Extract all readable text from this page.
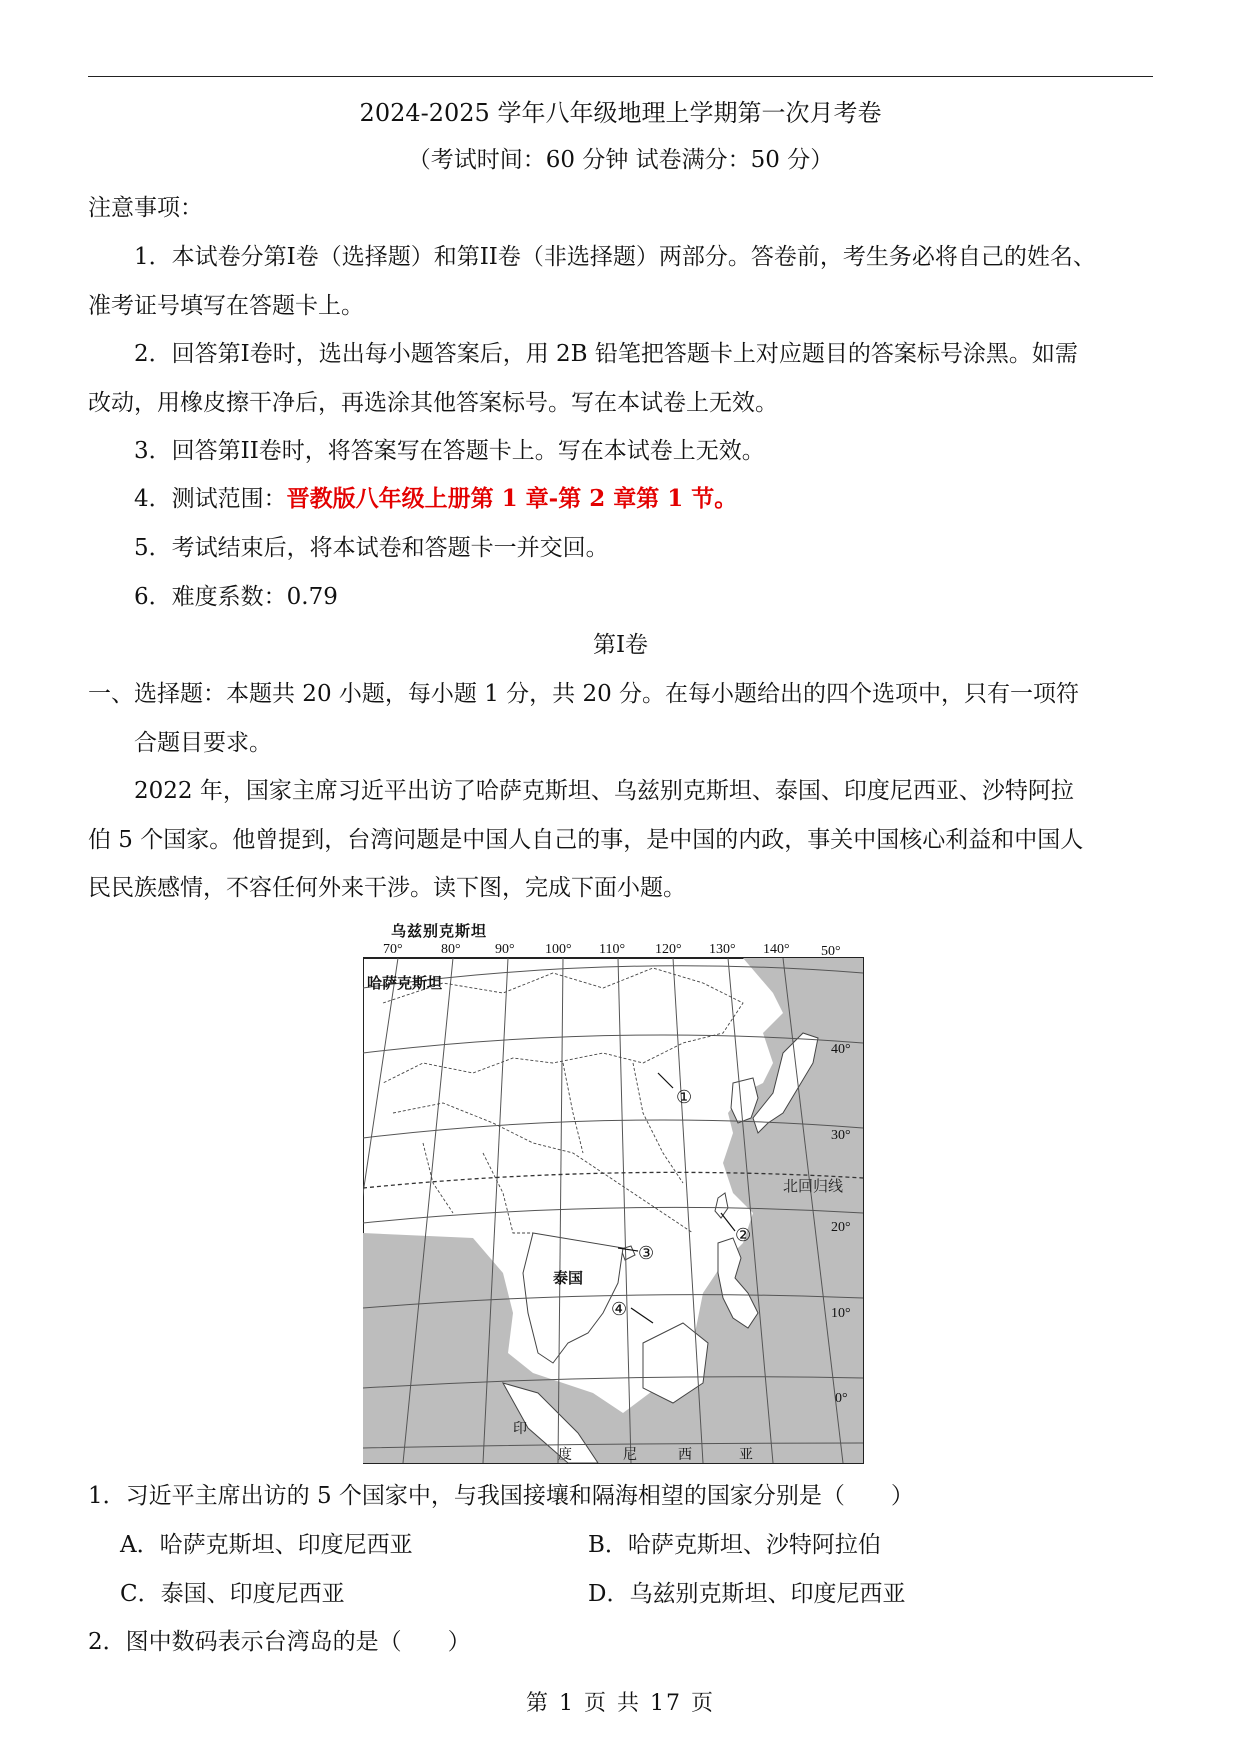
2024-2025 学年八年级地理上学期第一次月考卷
（考试时间：60 分钟 试卷满分：50 分）
注意事项：
1．本试卷分第I卷（选择题）和第II卷（非选择题）两部分。答卷前，考生务必将自己的姓名、
准考证号填写在答题卡上。
2．回答第I卷时，选出每小题答案后，用 2B 铅笔把答题卡上对应题目的答案标号涂黑。如需
改动，用橡皮擦干净后，再选涂其他答案标号。写在本试卷上无效。
3．回答第II卷时，将答案写在答题卡上。写在本试卷上无效。
4．测试范围：晋教版八年级上册第 1 章-第 2 章第 1 节。
5．考试结束后，将本试卷和答题卡一并交回。
6．难度系数：0.79
第I卷
一、选择题：本题共 20 小题，每小题 1 分，共 20 分。在每小题给出的四个选项中，只有一项符
合题目要求。
2022 年，国家主席习近平出访了哈萨克斯坦、乌兹别克斯坦、泰国、印度尼西亚、沙特阿拉
伯 5 个国家。他曾提到，台湾问题是中国人自己的事，是中国的内政，事关中国核心利益和中国人
民民族感情，不容任何外来干涉。读下图，完成下面小题。
乌兹别克斯坦
70°	80° 90° 100° 110° 120° 130° 140° 50°
40°
30°
20°
10°
0°
哈萨克斯坦
泰国
北回归线
印
度	尼	西	亚
①
②
③
④
1．习近平主席出访的 5 个国家中，与我国接壤和隔海相望的国家分别是（　　）
A．哈萨克斯坦、印度尼西亚	B．哈萨克斯坦、沙特阿拉伯
C．泰国、印度尼西亚	D．乌兹别克斯坦、印度尼西亚
2．图中数码表示台湾岛的是（　　）
第 1 页 共 17 页
